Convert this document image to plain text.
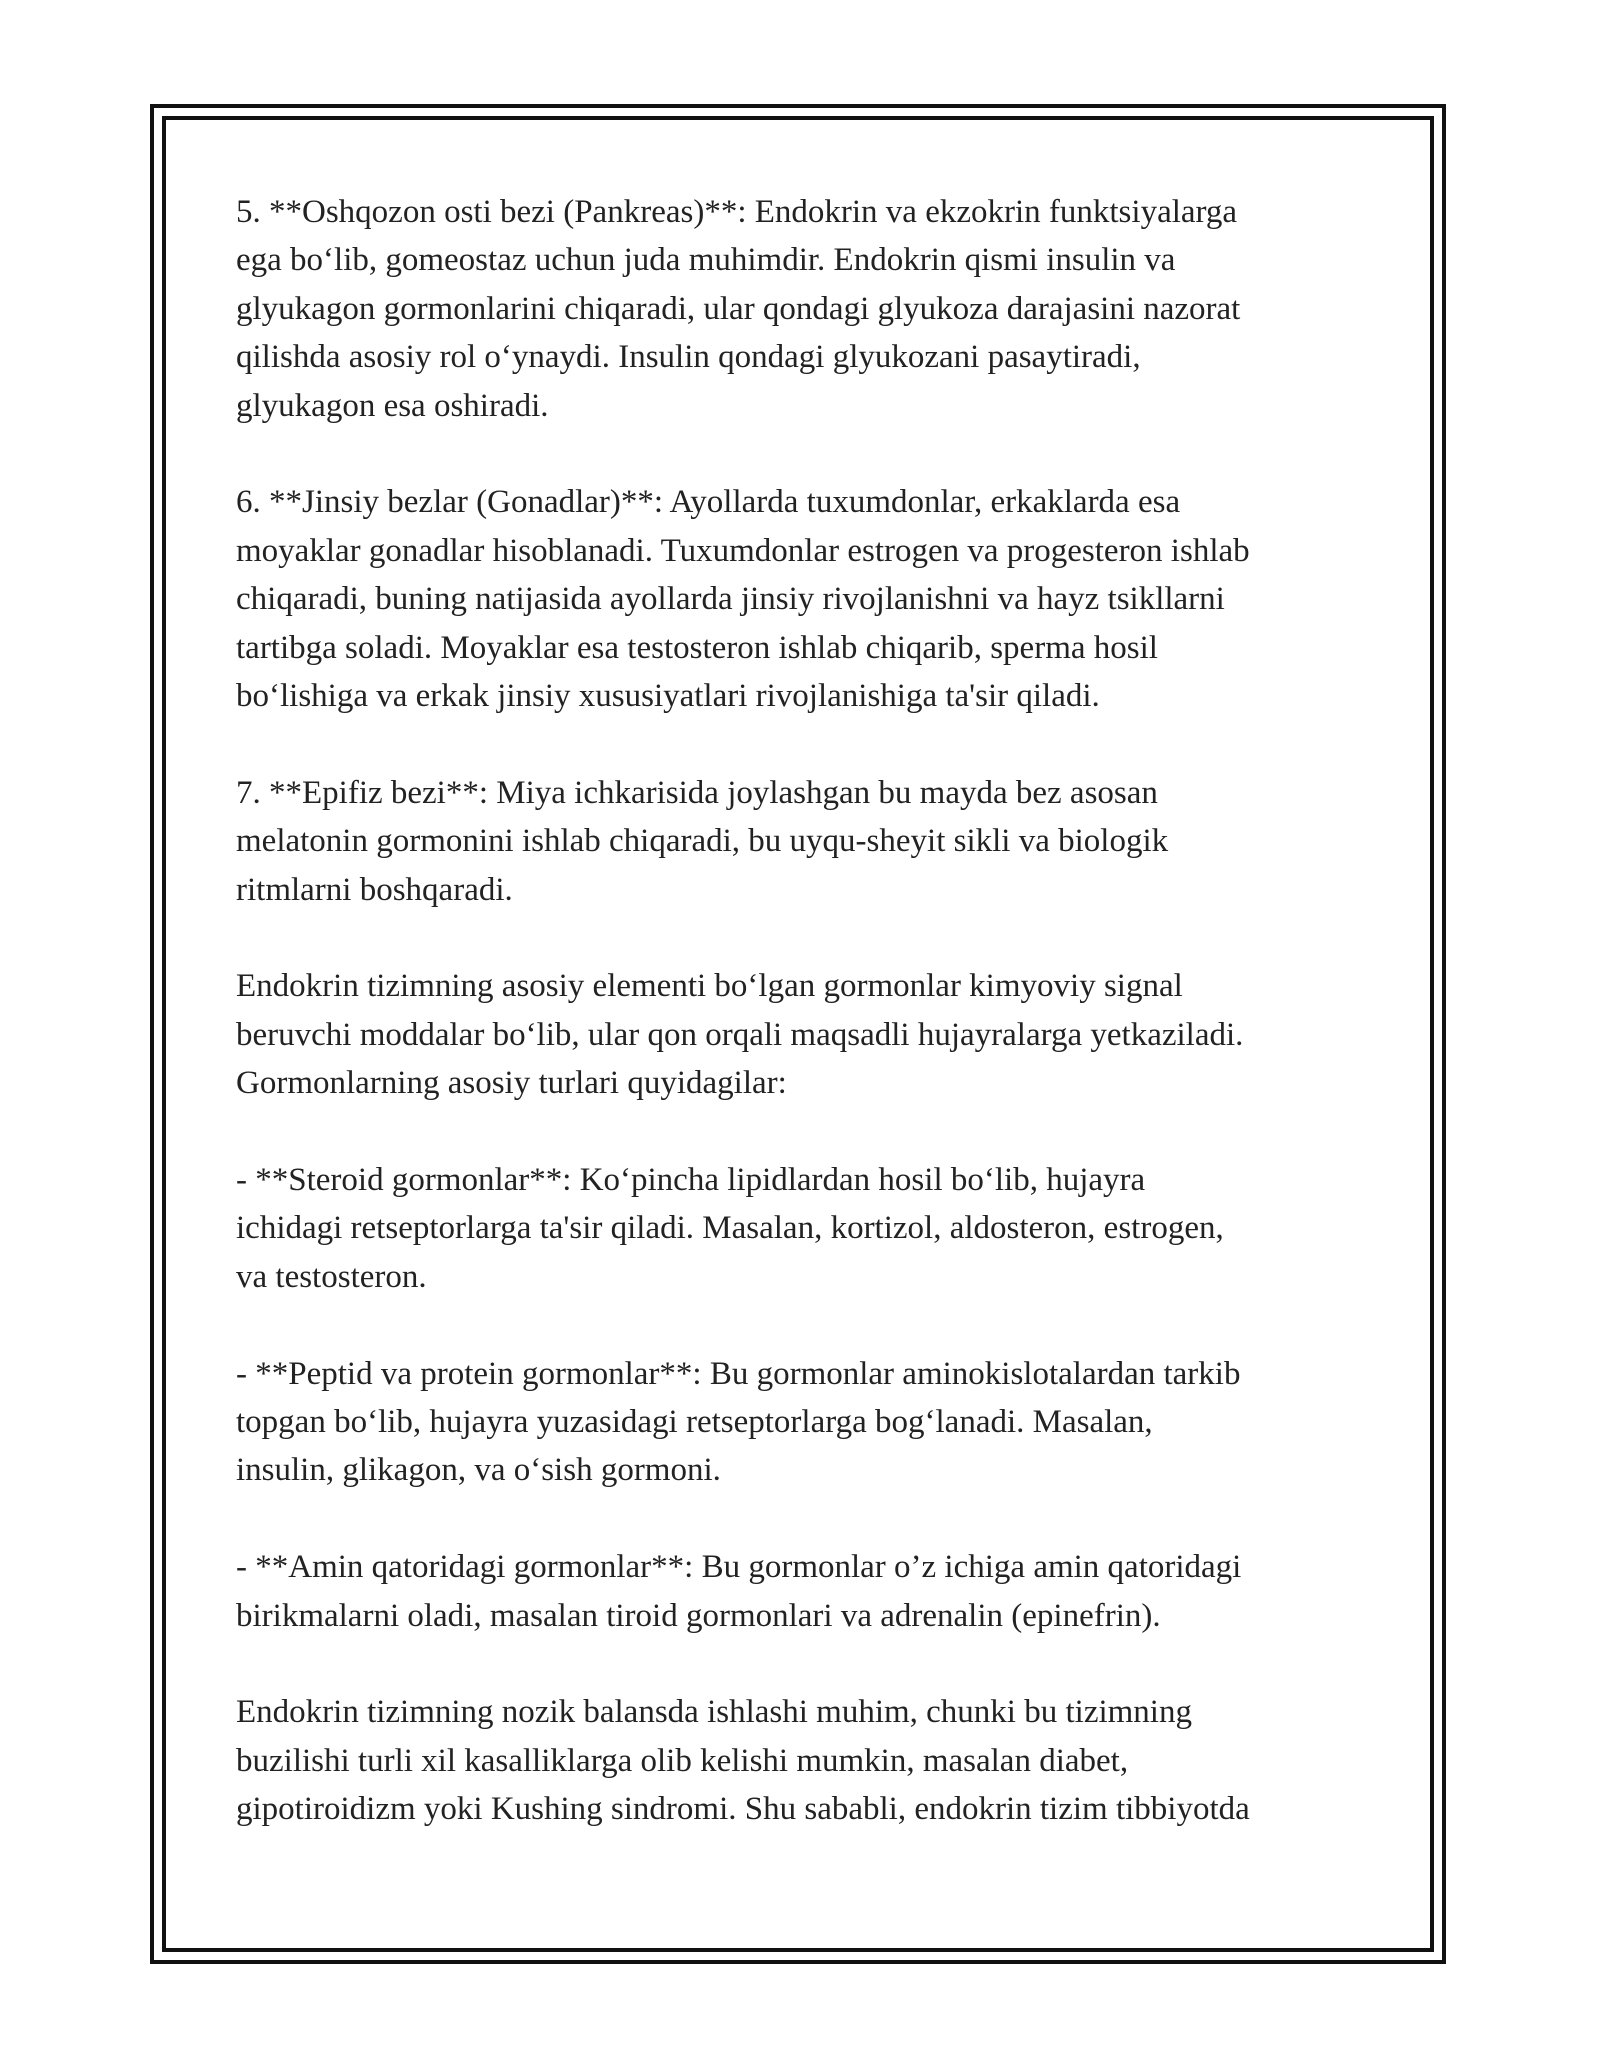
5. **Oshqozon osti bezi (Pankreas)**: Endokrin va ekzokrin funktsiyalarga
ega bo‘lib, gomeostaz uchun juda muhimdir. Endokrin qismi insulin va
glyukagon gormonlarini chiqaradi, ular qondagi glyukoza darajasini nazorat
qilishda asosiy rol o‘ynaydi. Insulin qondagi glyukozani pasaytiradi,
glyukagon esa oshiradi.

6. **Jinsiy bezlar (Gonadlar)**: Ayollarda tuxumdonlar, erkaklarda esa
moyaklar gonadlar hisoblanadi. Tuxumdonlar estrogen va progesteron ishlab
chiqaradi, buning natijasida ayollarda jinsiy rivojlanishni va hayz tsikllarni
tartibga soladi. Moyaklar esa testosteron ishlab chiqarib, sperma hosil
bo‘lishiga va erkak jinsiy xususiyatlari rivojlanishiga ta'sir qiladi.

7. **Epifiz bezi**: Miya ichkarisida joylashgan bu mayda bez asosan
melatonin gormonini ishlab chiqaradi, bu uyqu-sheyit sikli va biologik
ritmlarni boshqaradi.

Endokrin tizimning asosiy elementi bo‘lgan gormonlar kimyoviy signal
beruvchi moddalar bo‘lib, ular qon orqali maqsadli hujayralarga yetkaziladi.
Gormonlarning asosiy turlari quyidagilar:

- **Steroid gormonlar**: Ko‘pincha lipidlardan hosil bo‘lib, hujayra
ichidagi retseptorlarga ta'sir qiladi. Masalan, kortizol, aldosteron, estrogen,
va testosteron.

- **Peptid va protein gormonlar**: Bu gormonlar aminokislotalardan tarkib
topgan bo‘lib, hujayra yuzasidagi retseptorlarga bog‘lanadi. Masalan,
insulin, glikagon, va o‘sish gormoni.

- **Amin qatoridagi gormonlar**: Bu gormonlar o’z ichiga amin qatoridagi
birikmalarni oladi, masalan tiroid gormonlari va adrenalin (epinefrin).

Endokrin tizimning nozik balansda ishlashi muhim, chunki bu tizimning
buzilishi turli xil kasalliklarga olib kelishi mumkin, masalan diabet,
gipotiroidizm yoki Kushing sindromi. Shu sababli, endokrin tizim tibbiyotda
